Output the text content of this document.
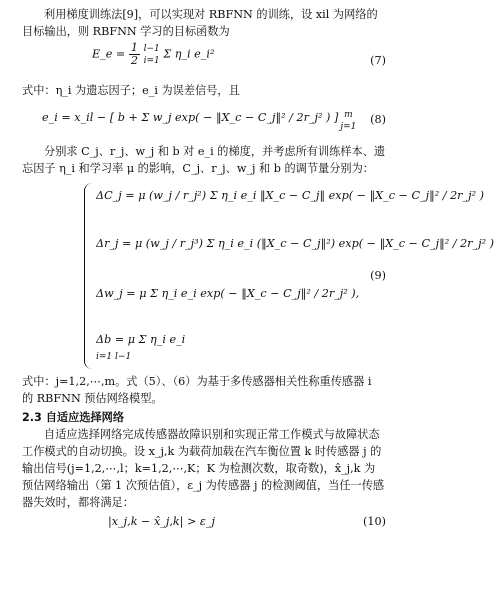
利用梯度训练法[9]，可以实现对 RBFNN 的训练，设 xil 为网络的目标输出，则 RBFNN 学习的目标函数为

E_e = $\frac{1}{2}$
l−1
i=1 Σ η_i e_i²	(7)

式中：η_i 为遗忘因子；e_i 为误差信号，且

m
j=1
e_i = x_il − [ b + Σ w_j exp( − ‖X_c − C_j‖² / 2r_j² ) ]	(8)

分别求 C_j、r_j、w_j 和 b 对 e_i 的梯度，并考虑所有训练样本、遗忘因子 η_i 和学习率 μ 的影响，C_j、r_j、w_j 和 b 的调节量分别为：

ΔC_j = μ (w_j / r_j²) Σ η_i e_i ‖X_c − C_j‖ exp( − ‖X_c − C_j‖² / 2r_j² )
Δr_j = μ (w_j / r_j³) Σ η_i e_i (‖X_c − C_j‖²) exp( − ‖X_c − C_j‖² / 2r_j² )
Δw_j = μ Σ η_i e_i exp( − ‖X_c − C_j‖² / 2r_j² ),
Δb = μ Σ η_i e_i
i=1 l−1
(9)

式中：j=1,2,⋯,m。式（5）、（6）为基于多传感器相关性称重传感器 i 的 RBFNN 预估网络模型。

2.3 自适应选择网络

自适应选择网络完成传感器故障识别和实现正常工作模式与故障状态工作模式的自动切换。设 x_j,k 为载荷加载在汽车衡位置 k 时传感器 j 的输出信号(j=1,2,⋯,l；k=1,2,⋯,K；K 为检测次数，取奇数)，x̂_j,k 为预估网络输出（第 1 次预估值），ε_j 为传感器 j 的检测阈值，当任一传感器失效时，都将满足：

|x_j,k − x̂_j,k| > ε_j	(10)
